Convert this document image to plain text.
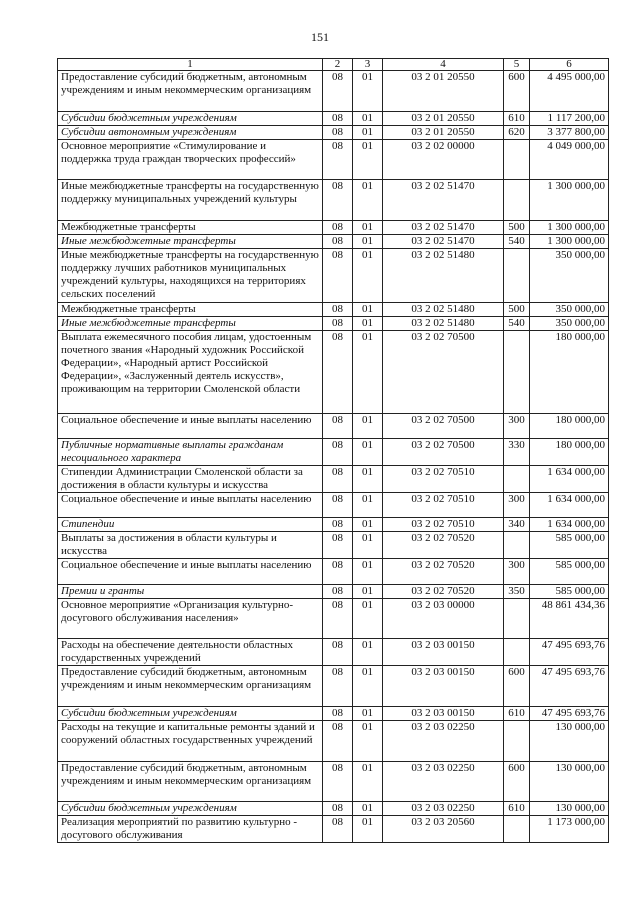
151
1	2	3	4	5	6
Предоставление субсидий бюджетным, автономным учреждениям и иным некоммерческим организациям	08	01	03 2 01 20550	600	4 495 000,00
Субсидии бюджетным учреждениям	08	01	03 2 01 20550	610	1 117 200,00
Субсидии автономным учреждениям	08	01	03 2 01 20550	620	3 377 800,00
Основное мероприятие «Стимулирование и поддержка труда граждан творческих профессий»	08	01	03 2 02 00000		4 049 000,00
Иные межбюджетные трансферты на государственную поддержку муниципальных учреждений культуры	08	01	03 2 02 51470		1 300 000,00
Межбюджетные трансферты	08	01	03 2 02 51470	500	1 300 000,00
Иные межбюджетные трансферты	08	01	03 2 02 51470	540	1 300 000,00
Иные межбюджетные трансферты на государственную поддержку лучших работников муниципальных учреждений культуры, находящихся на территориях сельских поселений	08	01	03 2 02 51480		350 000,00
Межбюджетные трансферты	08	01	03 2 02 51480	500	350 000,00
Иные межбюджетные трансферты	08	01	03 2 02 51480	540	350 000,00
Выплата ежемесячного пособия лицам, удостоенным почетного звания «Народный художник Российской Федерации», «Народный артист Российской Федерации», «Заслуженный деятель искусств», проживающим на территории Смоленской области	08	01	03 2 02 70500		180 000,00
Социальное обеспечение и иные выплаты населению	08	01	03 2 02 70500	300	180 000,00
Публичные нормативные выплаты гражданам несоциального характера	08	01	03 2 02 70500	330	180 000,00
Стипендии Администрации Смоленской области за достижения в области культуры и искусства	08	01	03 2 02 70510		1 634 000,00
Социальное обеспечение и иные выплаты населению	08	01	03 2 02 70510	300	1 634 000,00
Стипендии	08	01	03 2 02 70510	340	1 634 000,00
Выплаты за достижения в области культуры и искусства	08	01	03 2 02 70520		585 000,00
Социальное обеспечение и иные выплаты населению	08	01	03 2 02 70520	300	585 000,00
Премии и гранты	08	01	03 2 02 70520	350	585 000,00
Основное мероприятие «Организация культурно-досугового обслуживания населения»	08	01	03 2 03 00000		48 861 434,36
Расходы на обеспечение деятельности областных государственных учреждений	08	01	03 2 03 00150		47 495 693,76
Предоставление субсидий бюджетным, автономным учреждениям и иным некоммерческим организациям	08	01	03 2 03 00150	600	47 495 693,76
Субсидии бюджетным учреждениям	08	01	03 2 03 00150	610	47 495 693,76
Расходы на текущие и капитальные ремонты зданий и сооружений областных государственных учреждений	08	01	03 2 03 02250		130 000,00
Предоставление субсидий бюджетным, автономным учреждениям и иным некоммерческим организациям	08	01	03 2 03 02250	600	130 000,00
Субсидии бюджетным учреждениям	08	01	03 2 03 02250	610	130 000,00
Реализация мероприятий по развитию культурно - досугового обслуживания	08	01	03 2 03 20560		1 173 000,00
